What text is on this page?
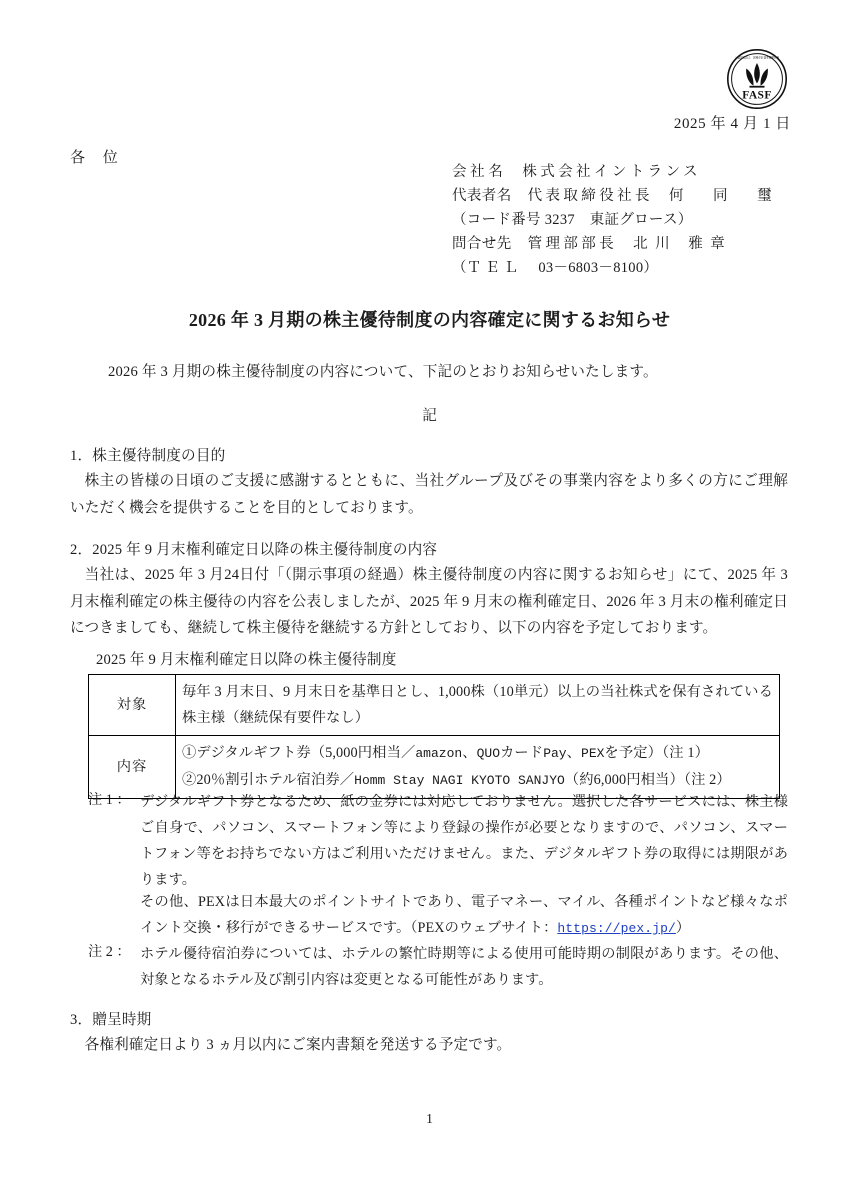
FASF
公益財団法人　財務会計基準機構会員
2025 年 4 月 1 日
各 位
会社名 株式会社イントランス
代表者名 代表取締役社長 何 同 璽
（コード番号 3237　東証グロース）
問合せ先 管理部部長 北川 雅章
（ＴＥＬ 03－6803－8100）
2026 年 3 月期の株主優待制度の内容確定に関するお知らせ
2026 年 3 月期の株主優待制度の内容について、下記のとおりお知らせいたします。
記
1．株主優待制度の目的
株主の皆様の日頃のご支援に感謝するとともに、当社グループ及びその事業内容をより多くの方にご理解いただく機会を提供することを目的としております。
2．2025 年 9 月末権利確定日以降の株主優待制度の内容
当社は、2025 年 3 月24日付「（開示事項の経過）株主優待制度の内容に関するお知らせ」にて、2025 年 3 月末権利確定の株主優待の内容を公表しましたが、2025 年 9 月末の権利確定日、2026 年 3 月末の権利確定日につきましても、継続して株主優待を継続する方針としており、以下の内容を予定しております。
2025 年 9 月末権利確定日以降の株主優待制度
対象	毎年 3 月末日、9 月末日を基準日とし、1,000株（10単元）以上の当社株式を保有されている株主様（継続保有要件なし）
内容	①デジタルギフト券（5,000円相当／amazon、QUOカードPay、PEXを予定）（注 1）
②20％割引ホテル宿泊券／Homm Stay NAGI KYOTO SANJYO（約6,000円相当）（注 2）
注 1 ： デジタルギフト券となるため、紙の金券には対応しておりません。選択した各サービスには、株主様ご自身で、パソコン、スマートフォン等により登録の操作が必要となりますので、パソコン、スマートフォン等をお持ちでない方はご利用いただけません。また、デジタルギフト券の取得には期限があります。
その他、PEXは日本最大のポイントサイトであり、電子マネー、マイル、各種ポイントなど様々なポイント交換・移行ができるサービスです。（PEXのウェブサイト：https://pex.jp/）
注 2 ： ホテル優待宿泊券については、ホテルの繁忙時期等による使用可能時期の制限があります。その他、対象となるホテル及び割引内容は変更となる可能性があります。
3．贈呈時期
各権利確定日より 3 ヵ月以内にご案内書類を発送する予定です。
1
